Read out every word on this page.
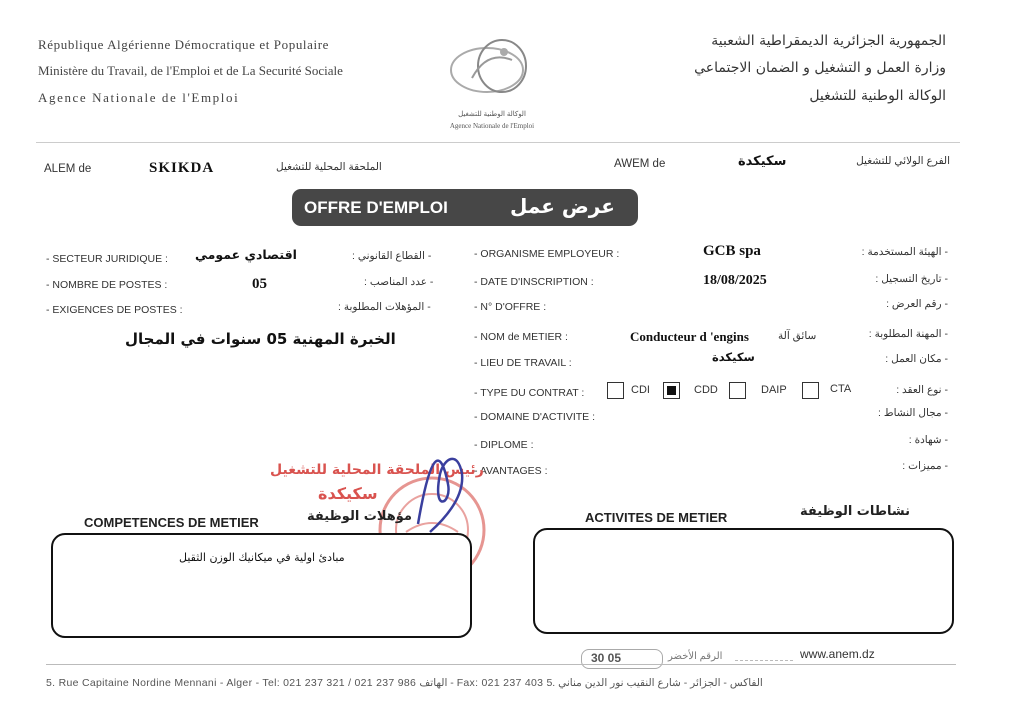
République Algérienne Démocratique et Populaire
Ministère du Travail, de l'Emploi et de La Securité Sociale
Agence Nationale de l'Emploi
الجمهورية الجزائرية الديمقراطية الشعبية
وزارة العمل و التشغيل و الضمان الاجتماعي
الوكالة الوطنية للتشغيل
الوكالة الوطنية للتشغيل
Agence Nationale de l'Emploi
ALEM de	SKIKDA	الملحقة المحلية للتشغيل	AWEM de	سكيكدة	الفرع الولائي للتشغيل
OFFRE D'EMPLOI	عرض عمل
- SECTEUR JURIDIQUE : اقتصادي عمومي	- القطاع القانوني :
- NOMBRE DE POSTES :	05	- عدد المناصب :
- EXIGENCES DE POSTES :	- المؤهلات المطلوبة :
الخبرة المهنية 05 سنوات في المجال
- ORGANISME EMPLOYEUR :	GCB spa	- الهيئة المستخدمة :
- DATE D'INSCRIPTION :	18/08/2025	- تاريخ التسجيل :
- N° D'OFFRE :	- رقم العرض :
- NOM de METIER :	Conducteur d 'engins	سائق آلة	- المهنة المطلوبة :
- LIEU DE TRAVAIL :	سكيكدة	- مكان العمل :
- TYPE DU CONTRAT :	CDI	CDD	DAIP	CTA	- نوع العقد :
- DOMAINE D'ACTIVITE :	- مجال النشاط :
- DIPLOME :	- شهادة :
- AVANTAGES :	- مميزات :
رئيس الملحقة المحلية للتشغيل
سكيكدة
COMPETENCES DE METIER	مؤهلات الوظيفة
مبادئ اولية في ميكانيك الوزن الثقيل
ACTIVITES DE METIER	نشاطات الوظيفة
30 05	الرقم الأخضر	www.anem.dz
5. Rue Capitaine Nordine Mennani - Alger - Tel: 021 237 321 / 021 237 986 الهاتف - Fax: 021 237 403 الفاكس - الجزائر - شارع النقيب نور الدين مناني .5
